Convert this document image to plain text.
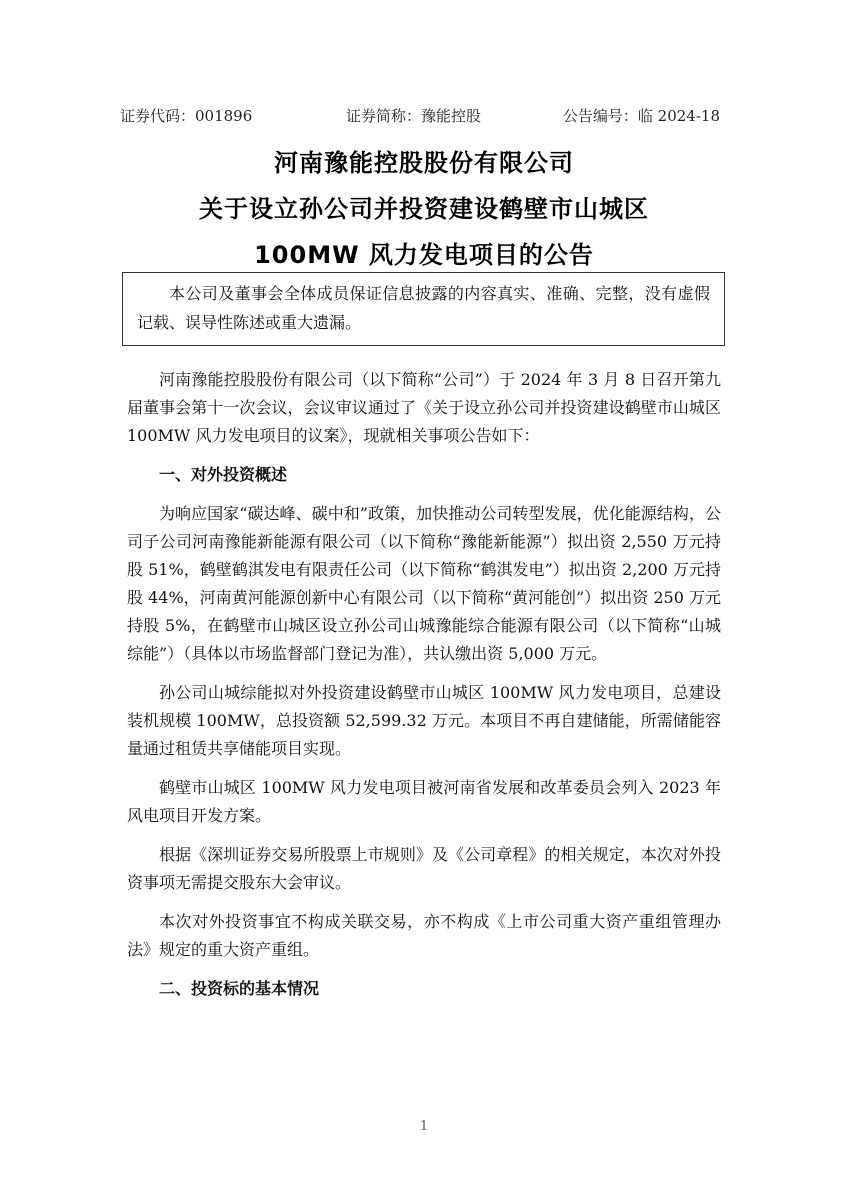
证券代码：001896	证券简称：豫能控股	公告编号：临 2024-18
河南豫能控股股份有限公司
关于设立孙公司并投资建设鹤壁市山城区
100MW 风力发电项目的公告
本公司及董事会全体成员保证信息披露的内容真实、准确、完整，没有虚假记载、误导性陈述或重大遗漏。

河南豫能控股股份有限公司（以下简称“公司”）于 2024 年 3 月 8 日召开第九届董事会第十一次会议，会议审议通过了《关于设立孙公司并投资建设鹤壁市山城区 100MW 风力发电项目的议案》，现就相关事项公告如下：

一、对外投资概述

为响应国家“碳达峰、碳中和”政策，加快推动公司转型发展，优化能源结构，公司子公司河南豫能新能源有限公司（以下简称“豫能新能源”）拟出资 2,550 万元持股 51%，鹤壁鹤淇发电有限责任公司（以下简称“鹤淇发电”）拟出资 2,200 万元持股 44%，河南黄河能源创新中心有限公司（以下简称“黄河能创”）拟出资 250 万元持股 5%，在鹤壁市山城区设立孙公司山城豫能综合能源有限公司（以下简称“山城综能”）（具体以市场监督部门登记为准），共认缴出资 5,000 万元。

孙公司山城综能拟对外投资建设鹤壁市山城区 100MW 风力发电项目，总建设装机规模 100MW，总投资额 52,599.32 万元。本项目不再自建储能，所需储能容量通过租赁共享储能项目实现。

鹤壁市山城区 100MW 风力发电项目被河南省发展和改革委员会列入 2023 年风电项目开发方案。

根据《深圳证券交易所股票上市规则》及《公司章程》的相关规定，本次对外投资事项无需提交股东大会审议。

本次对外投资事宜不构成关联交易，亦不构成《上市公司重大资产重组管理办法》规定的重大资产重组。

二、投资标的基本情况
1
